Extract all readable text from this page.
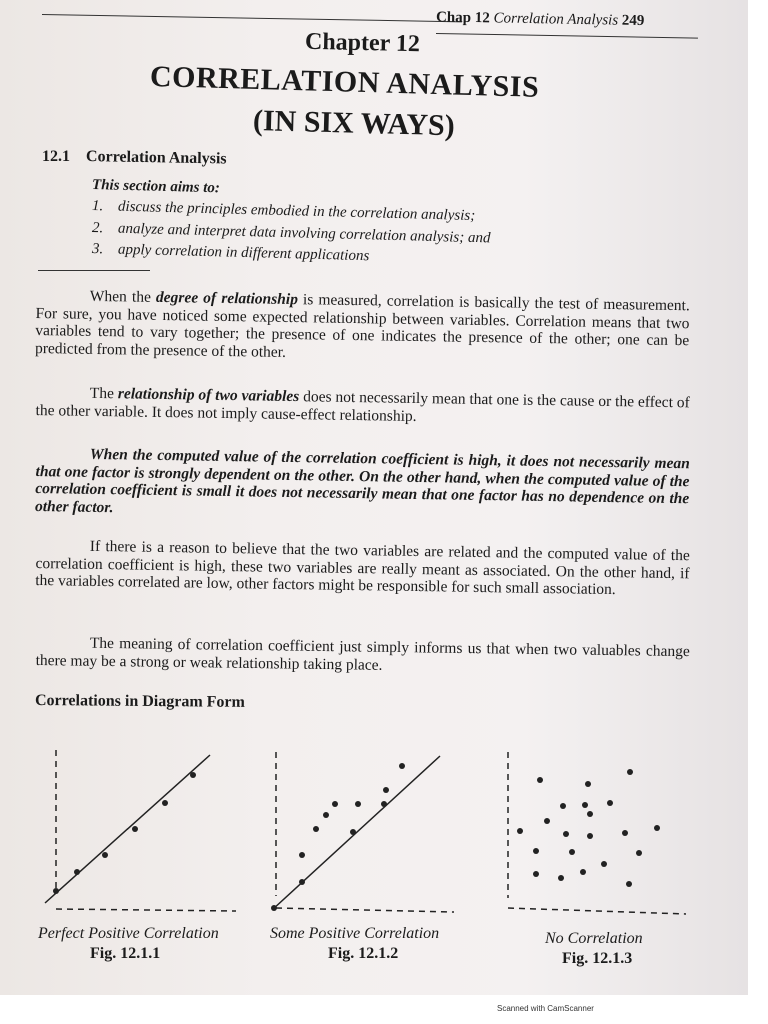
Chap 12 Correlation Analysis 249
Chapter 12
CORRELATION ANALYSIS
(IN SIX WAYS)
12.1 Correlation Analysis
This section aims to:
1. discuss the principles embodied in the correlation analysis;
2. analyze and interpret data involving correlation analysis; and
3. apply correlation in different applications
When the degree of relationship is measured, correlation is basically the test of measurement. For sure, you have noticed some expected relationship between variables. Correlation means that two variables tend to vary together; the presence of one indicates the presence of the other; one can be predicted from the presence of the other.
The relationship of two variables does not necessarily mean that one is the cause or the effect of the other variable. It does not imply cause-effect relationship.
When the computed value of the correlation coefficient is high, it does not necessarily mean that one factor is strongly dependent on the other. On the other hand, when the computed value of the correlation coefficient is small it does not necessarily mean that one factor has no dependence on the other factor.
If there is a reason to believe that the two variables are related and the computed value of the correlation coefficient is high, these two variables are really meant as associated. On the other hand, if the variables correlated are low, other factors might be responsible for such small association.
The meaning of correlation coefficient just simply informs us that when two valuables change there may be a strong or weak relationship taking place.
Correlations in Diagram Form
Perfect Positive Correlation
Fig. 12.1.1
Some Positive Correlation
Fig. 12.1.2
No Correlation
Fig. 12.1.3
Scanned with CamScanner
